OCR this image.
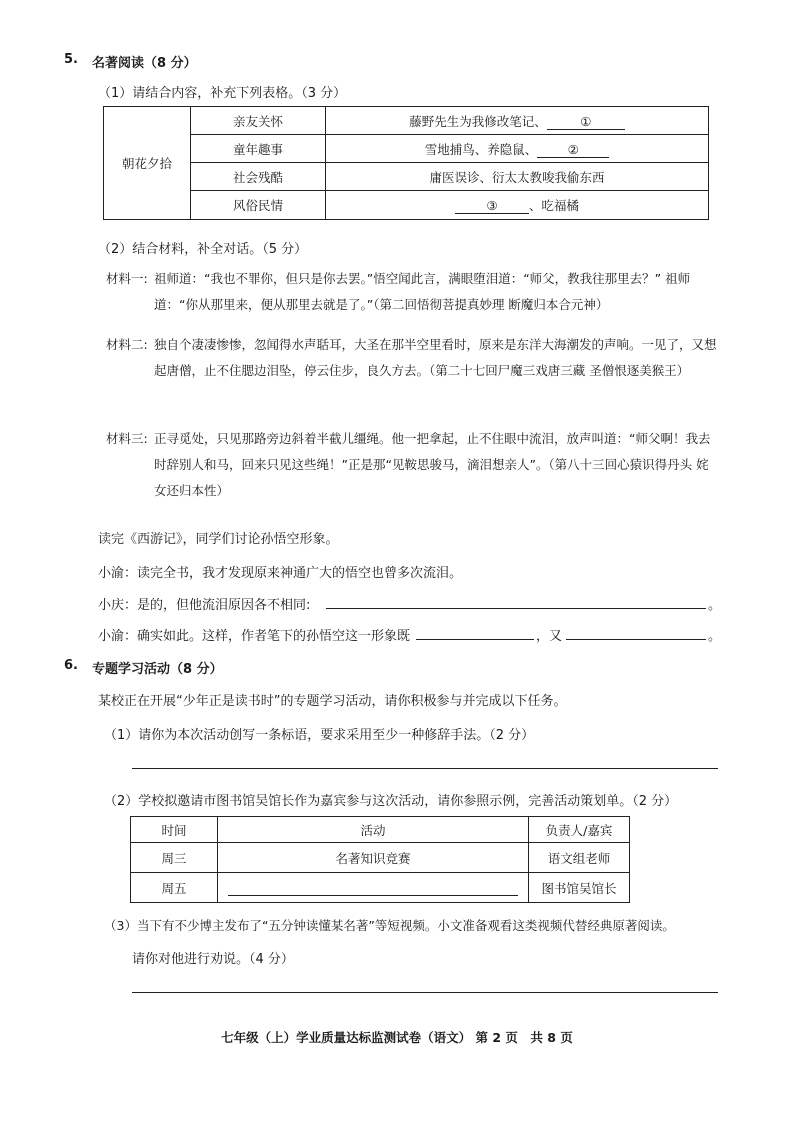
5. 名著阅读（8 分）
（1）请结合内容，补充下列表格。（3 分）
朝花夕拾	亲友关怀	藤野先生为我修改笔记、 ①
	童年趣事	雪地捕鸟、养隐鼠、 ②
	社会残酷	庸医误诊、衍太太教唆我偷东西
	风俗民情	③ 、吃福橘
（2）结合材料，补全对话。（5 分）
材料一: 祖师道：“我也不罪你，但只是你去罢。”悟空闻此言，满眼堕泪道：“师父，教我往那里去？” 祖师道：“你从那里来，便从那里去就是了。”（第二回悟彻菩提真妙理 断魔归本合元神）
材料二: 独自个凄凄惨惨，忽闻得水声聒耳，大圣在那半空里看时，原来是东洋大海潮发的声响。一见了，又想起唐僧，止不住腮边泪坠，停云住步，良久方去。（第二十七回尸魔三戏唐三藏 圣僧恨逐美猴王）
材料三: 正寻觅处，只见那路旁边斜着半截儿缰绳。他一把拿起，止不住眼中流泪，放声叫道：“师父啊！我去时辞别人和马，回来只见这些绳！”正是那“见鞍思骏马，滴泪想亲人”。（第八十三回心猿识得丹头 姹女还归本性）
读完《西游记》，同学们讨论孙悟空形象。
小渝：读完全书，我才发现原来神通广大的悟空也曾多次流泪。
小庆：是的，但他流泪原因各不相同:	。
小渝：确实如此。这样，作者笔下的孙悟空这一形象既	，又	。
6. 专题学习活动（8 分）
某校正在开展“少年正是读书时”的专题学习活动，请你积极参与并完成以下任务。
（1）请你为本次活动创写一条标语，要求采用至少一种修辞手法。（2 分）
（2）学校拟邀请市图书馆吴馆长作为嘉宾参与这次活动，请你参照示例，完善活动策划单。（2 分）
时间	活动	负责人/嘉宾
周三	名著知识竞赛	语文组老师
周五		图书馆吴馆长
（3）当下有不少博主发布了“五分钟读懂某名著”等短视频。小文准备观看这类视频代替经典原著阅读。
请你对他进行劝说。（4 分）
七年级（上）学业质量达标监测试卷（语文） 第 2 页　共 8 页
